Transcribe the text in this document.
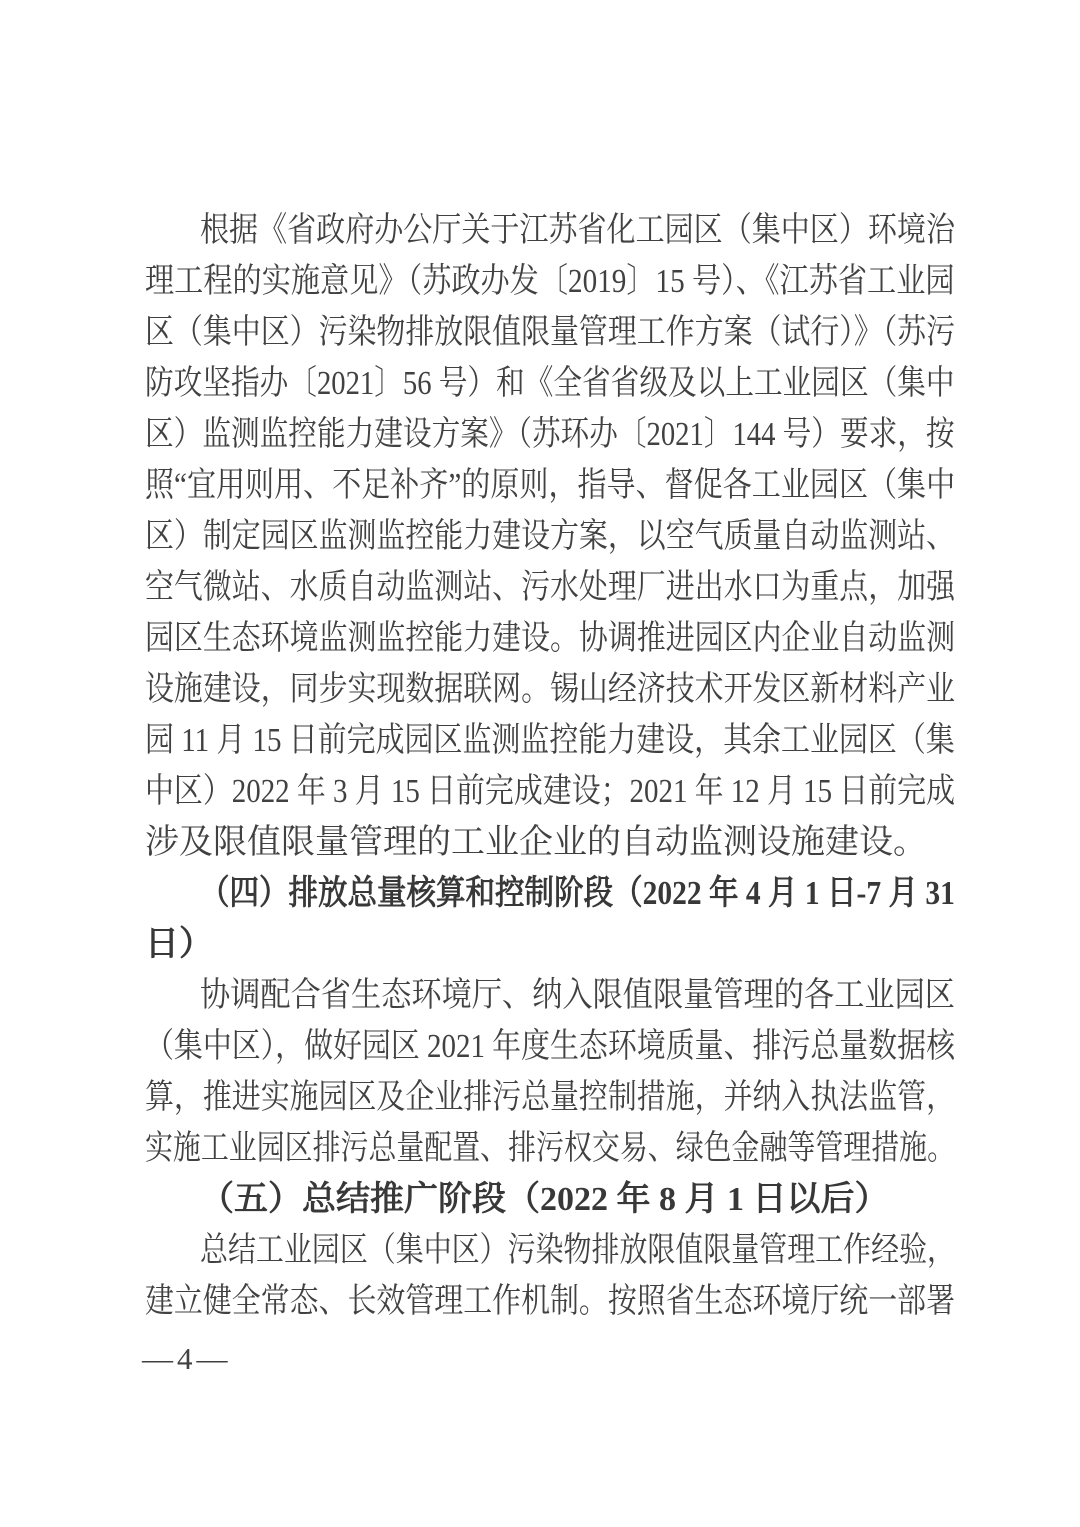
根据《省政府办公厅关于江苏省化工园区（集中区）环境治
理工程的实施意见》（苏政办发〔2019〕15 号）、《江苏省工业园
区（集中区）污染物排放限值限量管理工作方案（试行）》（苏污
防攻坚指办〔2021〕56 号）和《全省省级及以上工业园区（集中
区）监测监控能力建设方案》（苏环办〔2021〕144 号）要求，按
照“宜用则用、不足补齐”的原则，指导、督促各工业园区（集中
区）制定园区监测监控能力建设方案，以空气质量自动监测站、
空气微站、水质自动监测站、污水处理厂进出水口为重点，加强
园区生态环境监测监控能力建设。协调推进园区内企业自动监测
设施建设，同步实现数据联网。锡山经济技术开发区新材料产业
园 11 月 15 日前完成园区监测监控能力建设，其余工业园区（集
中区）2022 年 3 月 15 日前完成建设；2021 年 12 月 15 日前完成
涉及限值限量管理的工业企业的自动监测设施建设。
（四）排放总量核算和控制阶段（2022 年 4 月 1 日-7 月 31
日）
协调配合省生态环境厅、纳入限值限量管理的各工业园区
（集中区），做好园区 2021 年度生态环境质量、排污总量数据核
算，推进实施园区及企业排污总量控制措施，并纳入执法监管，
实施工业园区排污总量配置、排污权交易、绿色金融等管理措施。
（五）总结推广阶段（2022 年 8 月 1 日以后）
总结工业园区（集中区）污染物排放限值限量管理工作经验，
建立健全常态、长效管理工作机制。按照省生态环境厅统一部署
—4—
